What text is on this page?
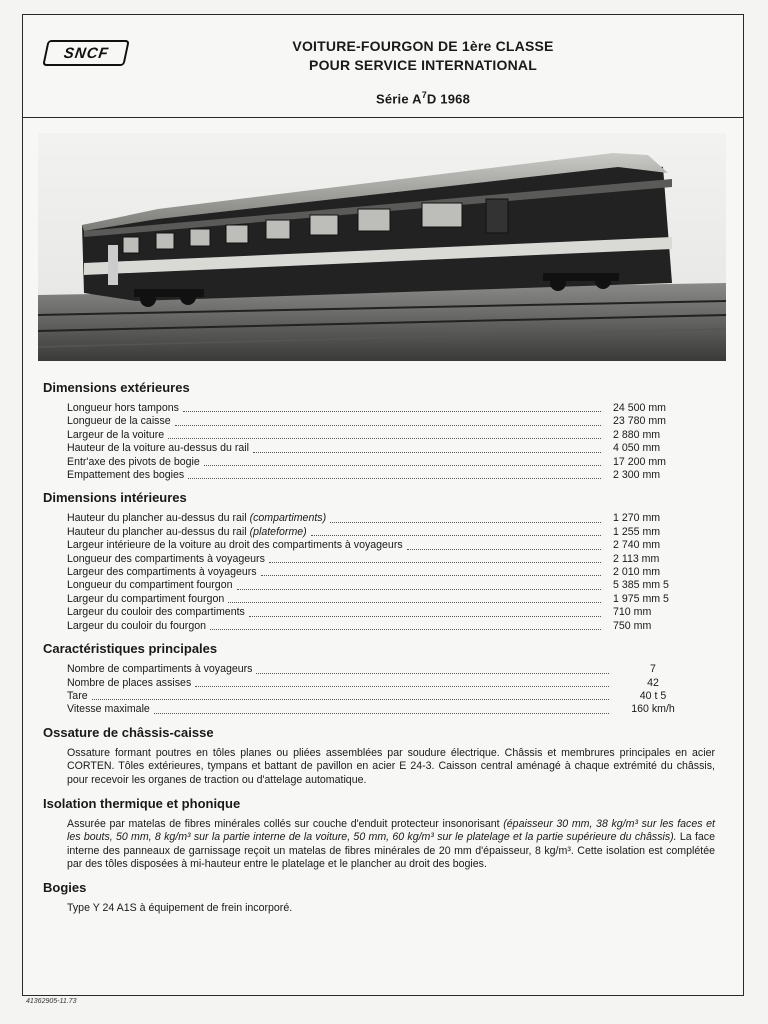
SNCF	VOITURE-FOURGON DE 1ère CLASSE
POUR SERVICE INTERNATIONAL
Série $A^7D$ 1968
Dimensions extérieures
Longueur hors tampons	24 500 mm
Longueur de la caisse	23 780 mm
Largeur de la voiture	2 880 mm
Hauteur de la voiture au-dessus du rail	4 050 mm
Entr'axe des pivots de bogie	17 200 mm
Empattement des bogies	2 300 mm
Dimensions intérieures
Hauteur du plancher au-dessus du rail (compartiments)	1 270 mm
Hauteur du plancher au-dessus du rail (plateforme)	1 255 mm
Largeur intérieure de la voiture au droit des compartiments à voyageurs	2 740 mm
Longueur des compartiments à voyageurs	2 113 mm
Largeur des compartiments à voyageurs	2 010 mm
Longueur du compartiment fourgon	5 385 mm 5
Largeur du compartiment fourgon	1 975 mm 5
Largeur du couloir des compartiments	710 mm
Largeur du couloir du fourgon	750 mm
Caractéristiques principales
Nombre de compartiments à voyageurs	7
Nombre de places assises	42
Tare	40 t 5
Vitesse maximale	160 km/h
Ossature de châssis-caisse
Ossature formant poutres en tôles planes ou pliées assemblées par soudure électrique. Châssis et membrures principales en acier CORTEN. Tôles extérieures, tympans et battant de pavillon en acier E 24-3. Caisson central aménagé à chaque extrémité du châssis, pour recevoir les organes de traction ou d'attelage automatique.
Isolation thermique et phonique
Assurée par matelas de fibres minérales collés sur couche d'enduit protecteur insonorisant (épaisseur 30 mm, 38 kg/m³ sur les faces et les bouts, 50 mm, 8 kg/m³ sur la partie interne de la voiture, 50 mm, 60 kg/m³ sur le platelage et la partie supérieure du châssis). La face interne des panneaux de garnissage reçoit un matelas de fibres minérales de 20 mm d'épaisseur, 8 kg/m³. Cette isolation est complétée par des tôles disposées à mi-hauteur entre le platelage et le plancher au droit des bogies.
Bogies
Type Y 24 A1S à équipement de frein incorporé.
41362905-11.73
